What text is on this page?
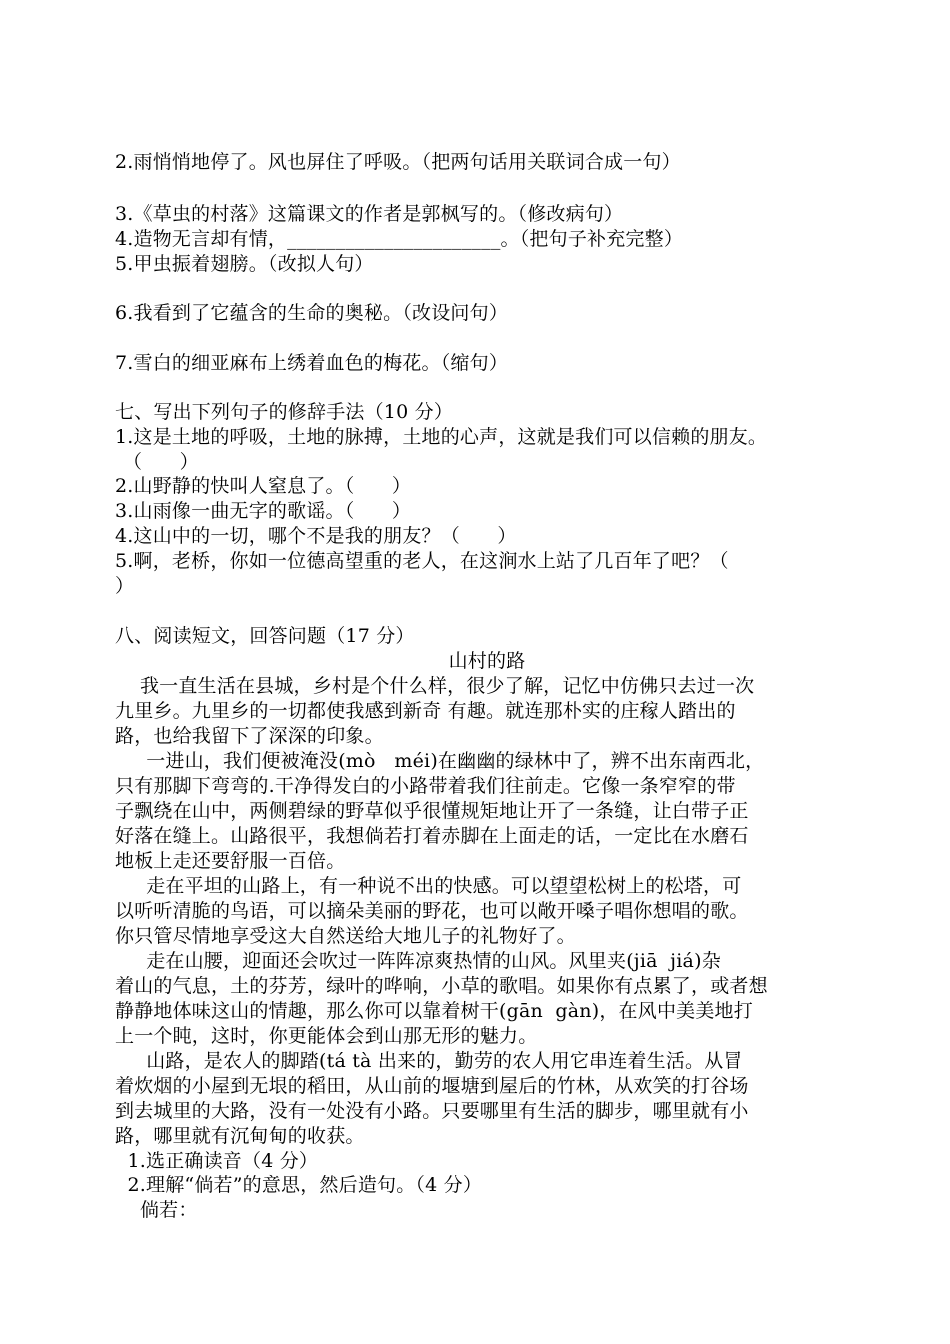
2.雨悄悄地停了。风也屏住了呼吸。（把两句话用关联词合成一句）
3.《草虫的村落》这篇课文的作者是郭枫写的。（修改病句）
4.造物无言却有情，______________________。（把句子补充完整）
5.甲虫振着翅膀。（改拟人句）
6.我看到了它蕴含的生命的奥秘。（改设问句）
7.雪白的细亚麻布上绣着血色的梅花。（缩句）
七、写出下列句子的修辞手法（10 分）
1.这是土地的呼吸，土地的脉搏，土地的心声，这就是我们可以信赖的朋友。
（      ）
2.山野静的快叫人窒息了。（      ）
3.山雨像一曲无字的歌谣。（      ）
4.这山中的一切，哪个不是我的朋友？（      ）
5.啊，老桥，你如一位德高望重的老人，在这涧水上站了几百年了吧？（
）
八、阅读短文，回答问题（17 分）
山村的路
我一直生活在县城，乡村是个什么样，很少了解，记忆中仿佛只去过一次
九里乡。九里乡的一切都使我感到新奇 有趣。就连那朴实的庄稼人踏出的
路，也给我留下了深深的印象。
一进山，我们便被淹没(mò   méi)在幽幽的绿林中了，辨不出东南西北，
只有那脚下弯弯的.干净得发白的小路带着我们往前走。它像一条窄窄的带
子飘绕在山中，两侧碧绿的野草似乎很懂规矩地让开了一条缝，让白带子正
好落在缝上。山路很平，我想倘若打着赤脚在上面走的话，一定比在水磨石
地板上走还要舒服一百倍。
走在平坦的山路上，有一种说不出的快感。可以望望松树上的松塔，可
以听听清脆的鸟语，可以摘朵美丽的野花，也可以敞开嗓子唱你想唱的歌。
你只管尽情地享受这大自然送给大地儿子的礼物好了。
走在山腰，迎面还会吹过一阵阵凉爽热情的山风。风里夹(jiā  jiá)杂
着山的气息，土的芬芳，绿叶的哗响，小草的歌唱。如果你有点累了，或者想
静静地体味这山的情趣，那么你可以靠着树干(gān  gàn)，在风中美美地打
上一个盹，这时，你更能体会到山那无形的魅力。
山路，是农人的脚踏(tá tà 出来的，勤劳的农人用它串连着生活。从冒
着炊烟的小屋到无垠的稻田，从山前的堰塘到屋后的竹林，从欢笑的打谷场
到去城里的大路，没有一处没有小路。只要哪里有生活的脚步，哪里就有小
路，哪里就有沉甸甸的收获。
1.选正确读音（4 分）
2.理解“倘若”的意思，然后造句。（4 分）
倘若：
